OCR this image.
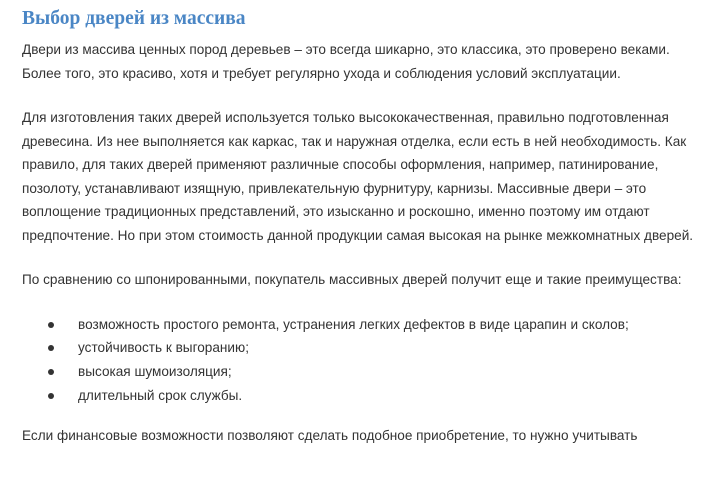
Выбор дверей из массива

Двери из массива ценных пород деревьев – это всегда шикарно, это классика, это проверено веками. Более того, это красиво, хотя и требует регулярно ухода и соблюдения условий эксплуатации.

Для изготовления таких дверей используется только высококачественная, правильно подготовленная древесина. Из нее выполняется как каркас, так и наружная отделка, если есть в ней необходимость. Как правило, для таких дверей применяют различные способы оформления, например, патинирование, позолоту, устанавливают изящную, привлекательную фурнитуру, карнизы. Массивные двери – это воплощение традиционных представлений, это изысканно и роскошно, именно поэтому им отдают предпочтение. Но при этом стоимость данной продукции самая высокая на рынке межкомнатных дверей.

По сравнению со шпонированными, покупатель массивных дверей получит еще и такие преимущества:

возможность простого ремонта, устранения легких дефектов в виде царапин и сколов;
устойчивость к выгоранию;
высокая шумоизоляция;
длительный срок службы.

Если финансовые возможности позволяют сделать подобное приобретение, то нужно учитывать
